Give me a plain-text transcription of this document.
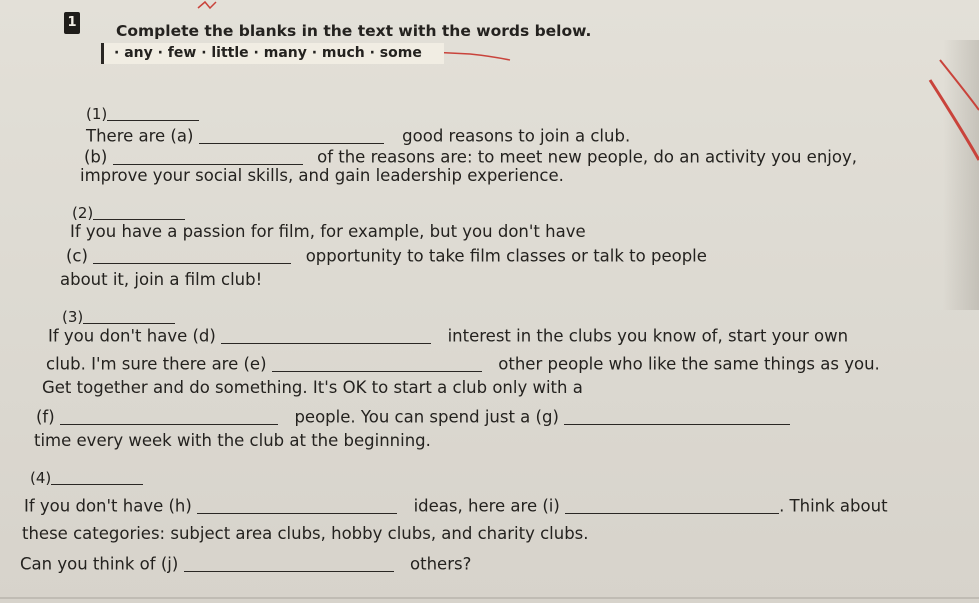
1	Complete the blanks in the text with the words below.
· any · few · little · many · much · some
(1)
There are (a)	good reasons to join a club.
(b)	of the reasons are: to meet new people, do an activity you enjoy,
improve your social skills, and gain leadership experience.
(2)
If you have a passion for film, for example, but you don't have
(c)	opportunity to take film classes or talk to people
about it, join a film club!
(3)
If you don't have (d)	interest in the clubs you know of, start your own
club. I'm sure there are (e)	other people who like the same things as you.
Get together and do something. It's OK to start a club only with a
(f)	people. You can spend just a (g)
time every week with the club at the beginning.
(4)
If you don't have (h)	ideas, here are (i)	. Think about
these categories: subject area clubs, hobby clubs, and charity clubs.
Can you think of (j)	others?
